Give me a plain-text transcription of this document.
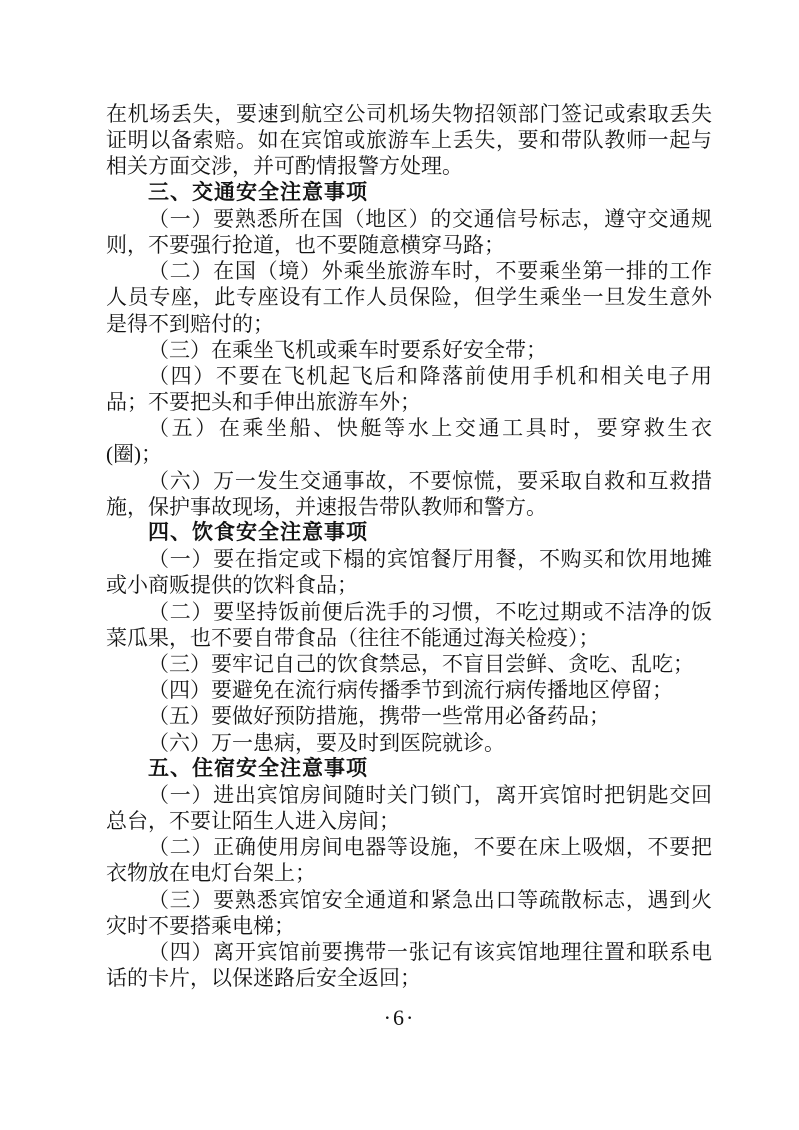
在机场丢失，要速到航空公司机场失物招领部门签记或索取丢失
证明以备索赔。如在宾馆或旅游车上丢失，要和带队教师一起与
相关方面交涉，并可酌情报警方处理。
三、交通安全注意事项
（一）要熟悉所在国（地区）的交通信号标志，遵守交通规
则，不要强行抢道，也不要随意横穿马路；
（二）在国（境）外乘坐旅游车时，不要乘坐第一排的工作
人员专座，此专座设有工作人员保险，但学生乘坐一旦发生意外
是得不到赔付的；
（三）在乘坐飞机或乘车时要系好安全带；
（四）不要在飞机起飞后和降落前使用手机和相关电子用
品；不要把头和手伸出旅游车外；
（五）在乘坐船、快艇等水上交通工具时，要穿救生衣
(圈)；
（六）万一发生交通事故，不要惊慌，要采取自救和互救措
施，保护事故现场，并速报告带队教师和警方。
四、饮食安全注意事项
（一）要在指定或下榻的宾馆餐厅用餐，不购买和饮用地摊
或小商贩提供的饮料食品；
（二）要坚持饭前便后洗手的习惯，不吃过期或不洁净的饭
菜瓜果，也不要自带食品（往往不能通过海关检疫）；
（三）要牢记自己的饮食禁忌，不盲目尝鲜、贪吃、乱吃；
（四）要避免在流行病传播季节到流行病传播地区停留；
（五）要做好预防措施，携带一些常用必备药品；
（六）万一患病，要及时到医院就诊。
五、住宿安全注意事项
（一）进出宾馆房间随时关门锁门，离开宾馆时把钥匙交回
总台，不要让陌生人进入房间；
（二）正确使用房间电器等设施，不要在床上吸烟，不要把
衣物放在电灯台架上；
（三）要熟悉宾馆安全通道和紧急出口等疏散标志，遇到火
灾时不要搭乘电梯；
（四）离开宾馆前要携带一张记有该宾馆地理往置和联系电
话的卡片，以保迷路后安全返回；
·6·
